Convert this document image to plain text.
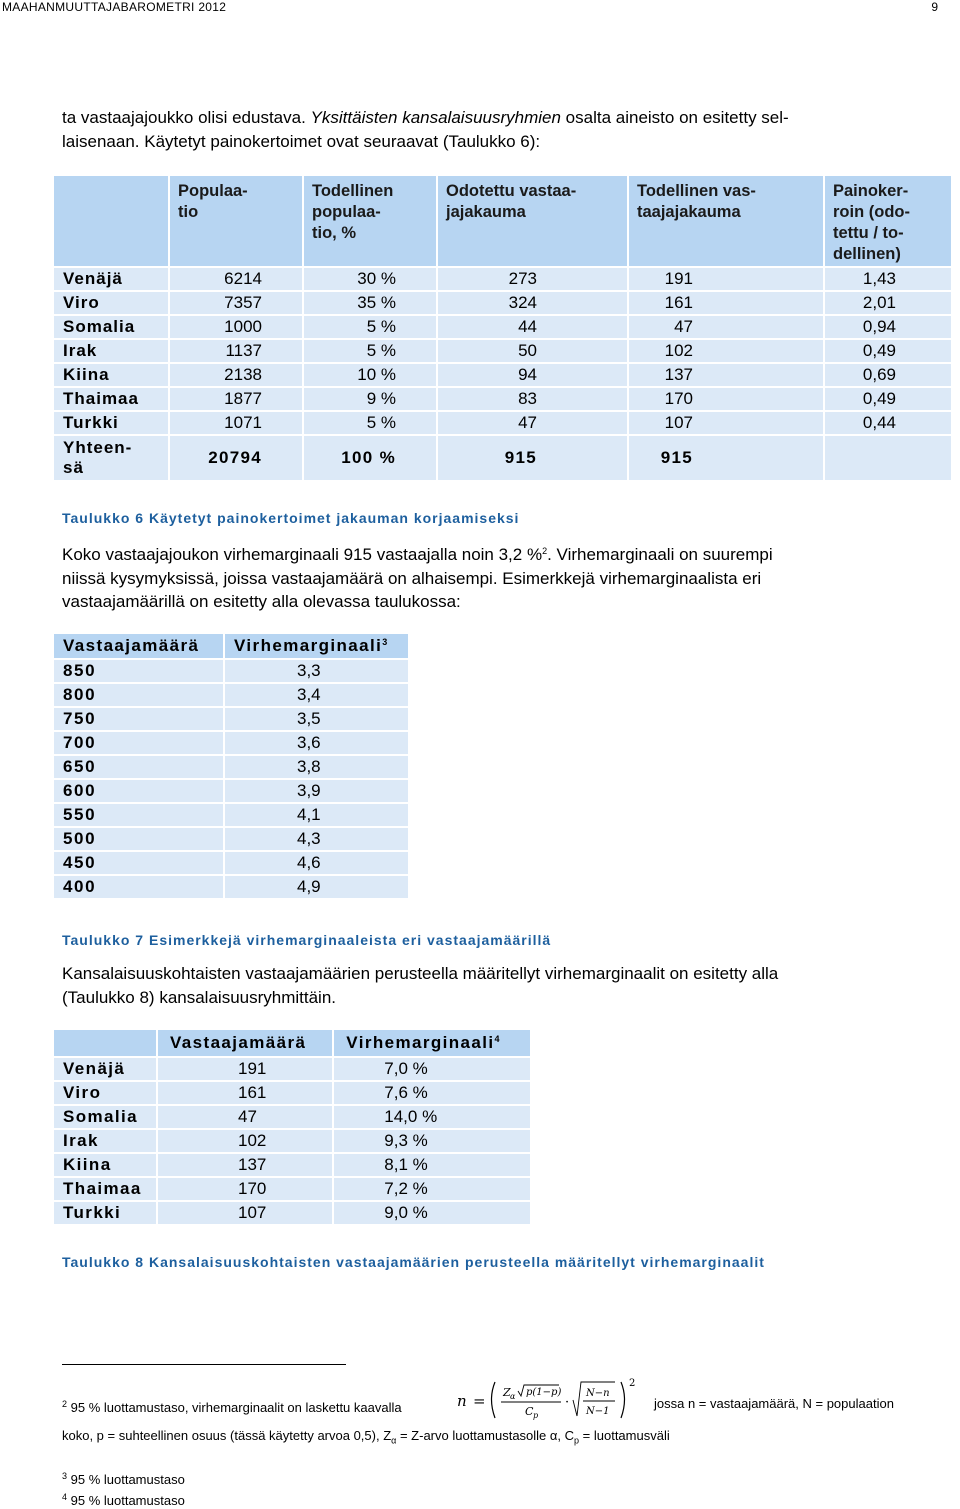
MAAHANMUUTTAJABAROMETRI 2012	9
ta vastaajajoukko olisi edustava. Yksittäisten kansalaisuusryhmien osalta aineisto on esitetty sel-
laisenaan. Käytetyt painokertoimet ovat seuraavat (Taulukko 6):
	Populaa-
tio	Todellinen
populaa-
tio, %	Odotettu vastaa-
jajakauma	Todellinen vas-
taajajakauma	Painoker-
roin (odo-
tettu / to-
dellinen)
Venäjä	6214	30 %	273	191	1,43
Viro	7357	35 %	324	161	2,01
Somalia	1000	5 %	44	47	0,94
Irak	1137	5 %	50	102	0,49
Kiina	2138	10 %	94	137	0,69
Thaimaa	1877	9 %	83	170	0,49
Turkki	1071	5 %	47	107	0,44
Yhteen-
sä	20794	100 %	915	915	
Taulukko 6 Käytetyt painokertoimet jakauman korjaamiseksi
Koko vastaajajoukon virhemarginaali 915 vastaajalla noin 3,2 %$^2$. Virhemarginaali on suurempi
niissä kysymyksissä, joissa vastaajamäärä on alhaisempi. Esimerkkejä virhemarginaalista eri
vastaajamäärillä on esitetty alla olevassa taulukossa:
Vastaajamäärä	Virhemarginaali$^3$
850	3,3
800	3,4
750	3,5
700	3,6
650	3,8
600	3,9
550	4,1
500	4,3
450	4,6
400	4,9
Taulukko 7 Esimerkkejä virhemarginaaleista eri vastaajamäärillä
Kansalaisuuskohtaisten vastaajamäärien perusteella määritellyt virhemarginaalit on esitetty alla
(Taulukko 8) kansalaisuusryhmittäin.
	Vastaajamäärä	Virhemarginaali$^4$
Venäjä	191	7,0 %
Viro	161	7,6 %
Somalia	47	14,0 %
Irak	102	9,3 %
Kiina	137	8,1 %
Thaimaa	170	7,2 %
Turkki	107	9,0 %
Taulukko 8 Kansalaisuuskohtaisten vastaajamäärien perusteella määritellyt virhemarginaalit
$^2$ 95 % luottamustaso, virhemarginaalit on laskettu kaavalla	n = Z α p(1−p)
C p
·
N−n
N−1
2
jossa n = vastaajamäärä, N = populaation
koko, p = suhteellinen osuus (tässä käytetty arvoa 0,5), $Z_\alpha$ = Z-arvo luottamustasolle α, $C_p$ = luottamusväli
$^3$ 95 % luottamustaso
$^4$ 95 % luottamustaso
